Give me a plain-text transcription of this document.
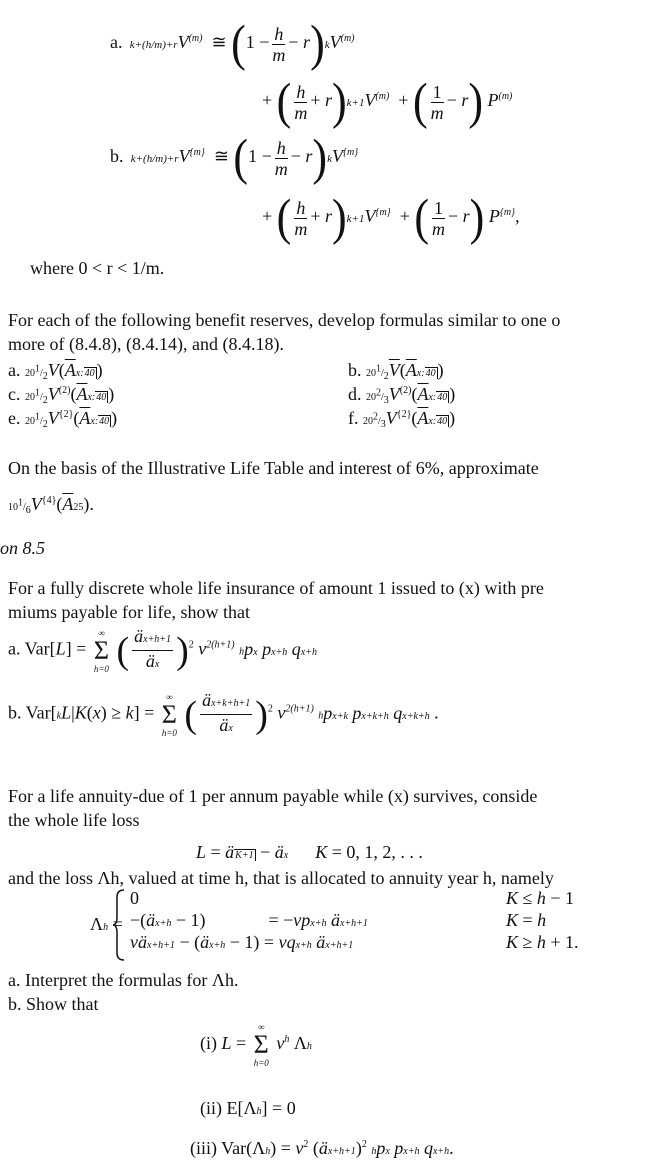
a.  $k+(h/m)+rV^{(m)}$  ≅ $(1 - \frac{h}{m} - r)kV^{(m)}$
+ ( $\frac{h}{m} + r)k+1V^{(m)}$  + ( $\frac{1}{m} - r$) $P^{(m)}$
b.  $k+(h/m)+rV^{\{m\}}$  ≅ $(1 - \frac{h}{m} - r)kV^{\{m\}}$
+ ( $\frac{h}{m} + r)k+1V^{\{m\}}$  + ( $\frac{1}{m} - r$) $P^{\{m\}}$,
where 0 < r < 1/m.
For each of the following benefit reserves, develop formulas similar to one o
more of (8.4.8), (8.4.14), and (8.4.18).
a. $20^1/_2V(\overline{A}x:40$ )	b. $20^1/_2\overline{V}(\overline{A}x:40$ )
c. $20^1/_2V^{(2)}(\overline{A}x:40$ )	d. $20^2/_3V^{(2)}(\overline{A}x:40$ )
e. $20^1/_2V^{\{2\}}(\overline{A}x:40$ )	f. $20^2/_3V^{\{2\}}(\overline{A}x:40$ )
On the basis of the Illustrative Life Table and interest of 6%, approximate
$10^1/_6V^{\{4\}}(\overline{A}25)$.
on 8.5
For a fully discrete whole life insurance of amount 1 issued to (x) with pre
miums payable for life, show that
a. Var[L] =
∞
Σ
h=0 ( $\frac{äx+h+1}{äx} )^2$ $v^{2(h+1)}$ hpx px+h qx+h
b. Var[kL|K(x) ≥ k] =
∞
Σ
h=0 ( $\frac{äx+k+h+1}{äx} )^2$ $v^{2(h+1)}$ hpx+k px+k+h qx+k+h .
For a life annuity-due of 1 per annum payable while (x) survives, conside
the whole life loss
L = äK+1 − äx K = 0, 1, 2, . . .
and the loss Λh, valued at time h, that is allocated to annuity year h, namely
Λh =
0	K ≤ h − 1
−(äx+h − 1)              = −vpx+h äx+h+1	K = h
väx+h+1 − (äx+h − 1) = vqx+h äx+h+1	K ≥ h + 1.
a. Interpret the formulas for Λh.
b. Show that
(i) L =
∞
Σ
h=0
$v^h$ Λh
(ii) E[Λh] = 0
(iii) $Var(\Lambda h) = v^2$ (äx+h+1)$^2$ hpx px+h qx+h.
